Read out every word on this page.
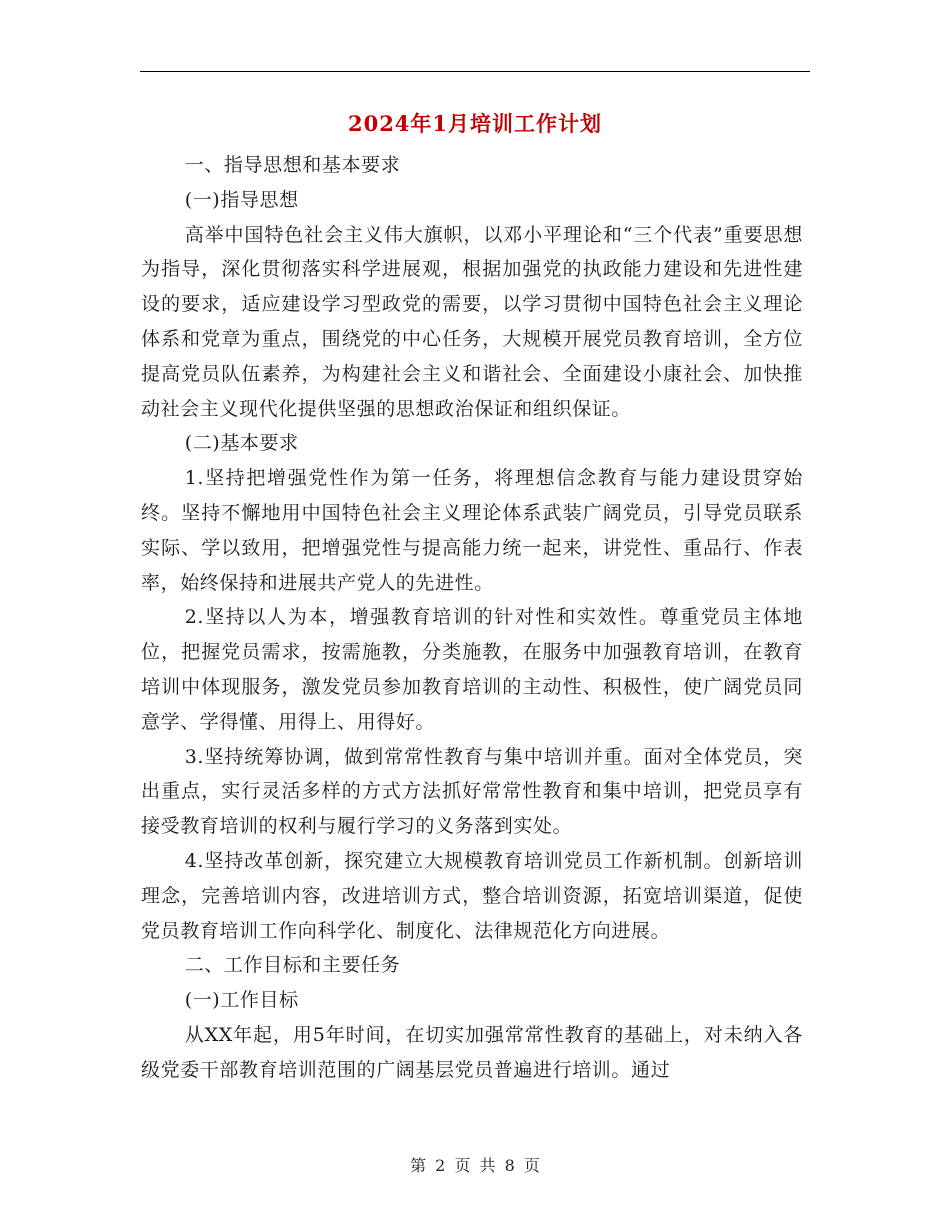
2024年1月培训工作计划

一、指导思想和基本要求

(一)指导思想

高举中国特色社会主义伟大旗帜，以邓小平理论和“三个代表”重要思想为指导，深化贯彻落实科学进展观，根据加强党的执政能力建设和先进性建设的要求，适应建设学习型政党的需要，以学习贯彻中国特色社会主义理论体系和党章为重点，围绕党的中心任务，大规模开展党员教育培训，全方位提高党员队伍素养，为构建社会主义和谐社会、全面建设小康社会、加快推动社会主义现代化提供坚强的思想政治保证和组织保证。

(二)基本要求

1.坚持把增强党性作为第一任务，将理想信念教育与能力建设贯穿始终。坚持不懈地用中国特色社会主义理论体系武装广阔党员，引导党员联系实际、学以致用，把增强党性与提高能力统一起来，讲党性、重品行、作表率，始终保持和进展共产党人的先进性。

2.坚持以人为本，增强教育培训的针对性和实效性。尊重党员主体地位，把握党员需求，按需施教，分类施教，在服务中加强教育培训，在教育培训中体现服务，激发党员参加教育培训的主动性、积极性，使广阔党员同意学、学得懂、用得上、用得好。

3.坚持统筹协调，做到常常性教育与集中培训并重。面对全体党员，突出重点，实行灵活多样的方式方法抓好常常性教育和集中培训，把党员享有接受教育培训的权利与履行学习的义务落到实处。

4.坚持改革创新，探究建立大规模教育培训党员工作新机制。创新培训理念，完善培训内容，改进培训方式，整合培训资源，拓宽培训渠道，促使党员教育培训工作向科学化、制度化、法律规范化方向进展。

二、工作目标和主要任务

(一)工作目标

从XX年起，用5年时间，在切实加强常常性教育的基础上，对未纳入各级党委干部教育培训范围的广阔基层党员普遍进行培训。通过

第 2 页 共 8 页
